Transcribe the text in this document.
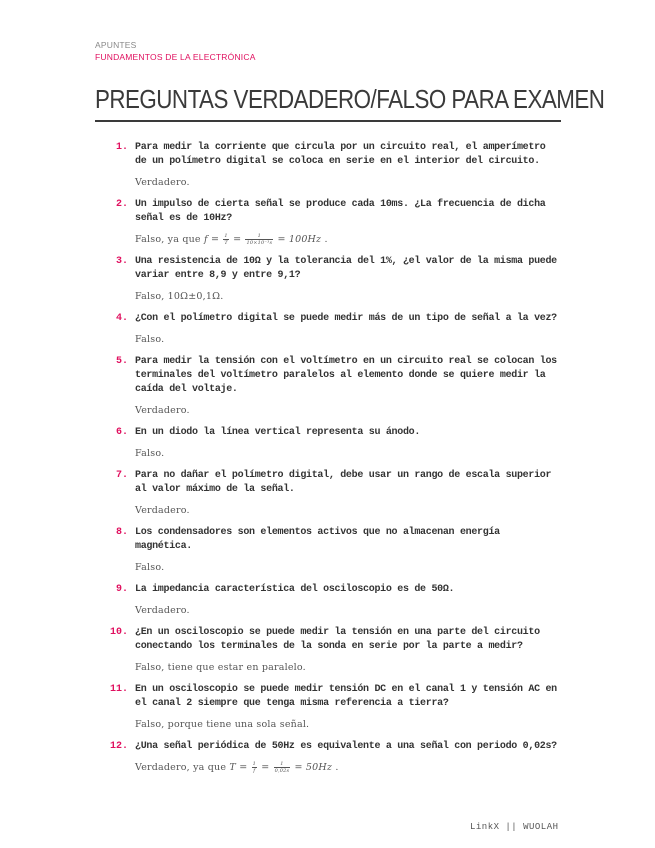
APUNTES
FUNDAMENTOS DE LA ELECTRÓNICA
PREGUNTAS VERDADERO/FALSO PARA EXAMEN
1. Para medir la corriente que circula por un circuito real, el amperímetro de un polímetro digital se coloca en serie en el interior del circuito.
Verdadero.
2. Un impulso de cierta señal se produce cada 10ms. ¿La frecuencia de dicha señal es de 10Hz?
Falso, ya que $f = \frac{1}{T} = \frac{1}{\text{10×10⁻³s}} = 100Hz$ .
3. Una resistencia de 10Ω y la tolerancia del 1%, ¿el valor de la misma puede variar entre 8,9 y entre 9,1?
Falso, 10Ω±0,1Ω.
4. ¿Con el polímetro digital se puede medir más de un tipo de señal a la vez?
Falso.
5. Para medir la tensión con el voltímetro en un circuito real se colocan los terminales del voltímetro paralelos al elemento donde se quiere medir la caída del voltaje.
Verdadero.
6. En un diodo la línea vertical representa su ánodo.
Falso.
7. Para no dañar el polímetro digital, debe usar un rango de escala superior al valor máximo de la señal.
Verdadero.
8. Los condensadores son elementos activos que no almacenan energía magnética.
Falso.
9. La impedancia característica del osciloscopio es de 50Ω.
Verdadero.
10. ¿En un osciloscopio se puede medir la tensión en una parte del circuito conectando los terminales de la sonda en serie por la parte a medir?
Falso, tiene que estar en paralelo.
11. En un osciloscopio se puede medir tensión DC en el canal 1 y tensión AC en el canal 2 siempre que tenga misma referencia a tierra?
Falso, porque tiene una sola señal.
12. ¿Una señal periódica de 50Hz es equivalente a una señal con periodo 0,02s?
Verdadero, ya que $T = \frac{1}{f} = \frac{1}{0,02s} = 50Hz$ .
LinkX || WUOLAH
